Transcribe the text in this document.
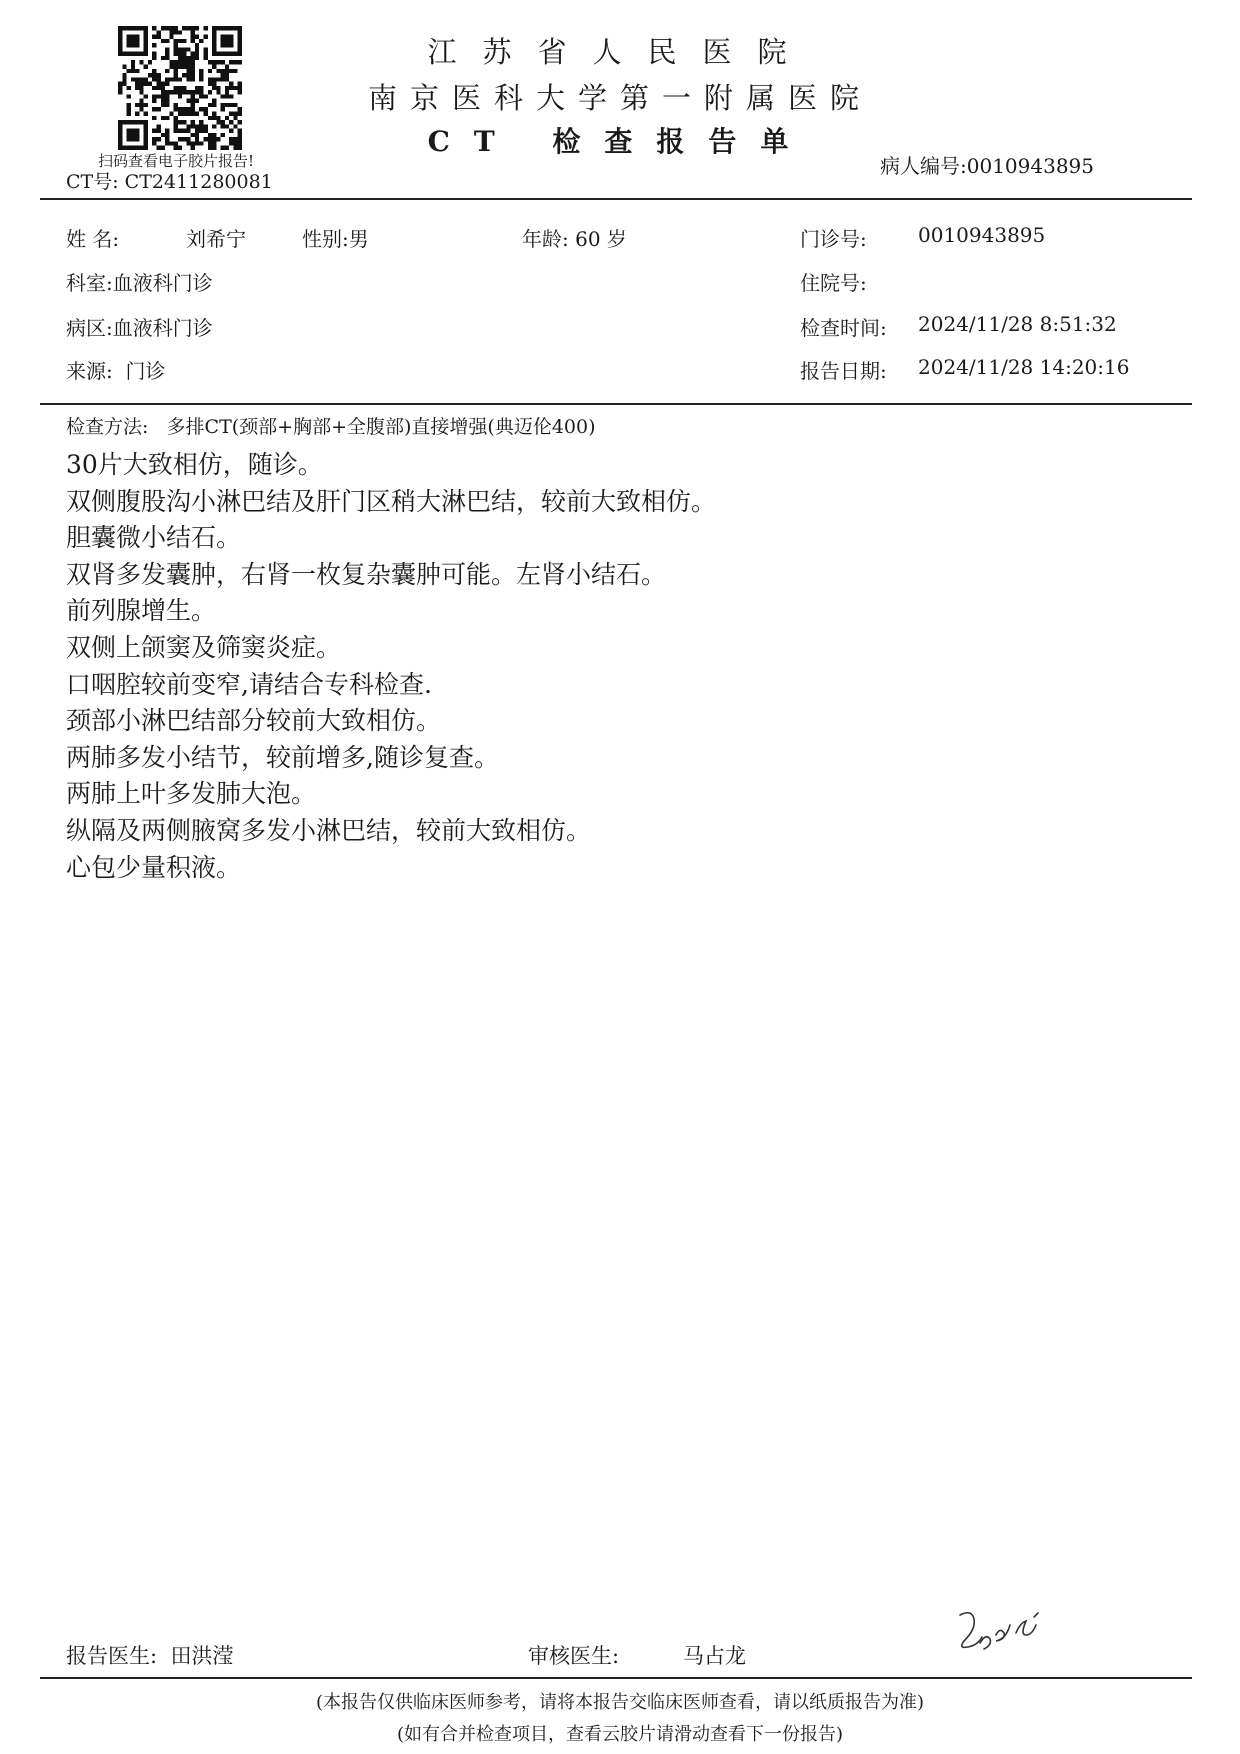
扫码查看电子胶片报告!
江苏省人民医院
南京医科大学第一附属医院
CT 检查报告单
CT号: CT2411280081
病人编号:0010943895
姓 名:	刘希宁	性别:男	年龄: 60 岁	门诊号:	0010943895
科室:血液科门诊	住院号:
病区:血液科门诊	检查时间: 2024/11/28 8:51:32
来源: 门诊	报告日期: 2024/11/28 14:20:16
检查方法: 多排CT(颈部+胸部+全腹部)直接增强(典迈伦400)
30片大致相仿，随诊。
双侧腹股沟小淋巴结及肝门区稍大淋巴结，较前大致相仿。
胆囊微小结石。
双肾多发囊肿，右肾一枚复杂囊肿可能。左肾小结石。
前列腺增生。
双侧上颌窦及筛窦炎症。
口咽腔较前变窄,请结合专科检查.
颈部小淋巴结部分较前大致相仿。
两肺多发小结节，较前增多,随诊复查。
两肺上叶多发肺大泡。
纵隔及两侧腋窝多发小淋巴结，较前大致相仿。
心包少量积液。
报告医生: 田洪滢	审核医生:	马占龙
(本报告仅供临床医师参考，请将本报告交临床医师查看，请以纸质报告为准)
(如有合并检查项目，查看云胶片请滑动查看下一份报告)
